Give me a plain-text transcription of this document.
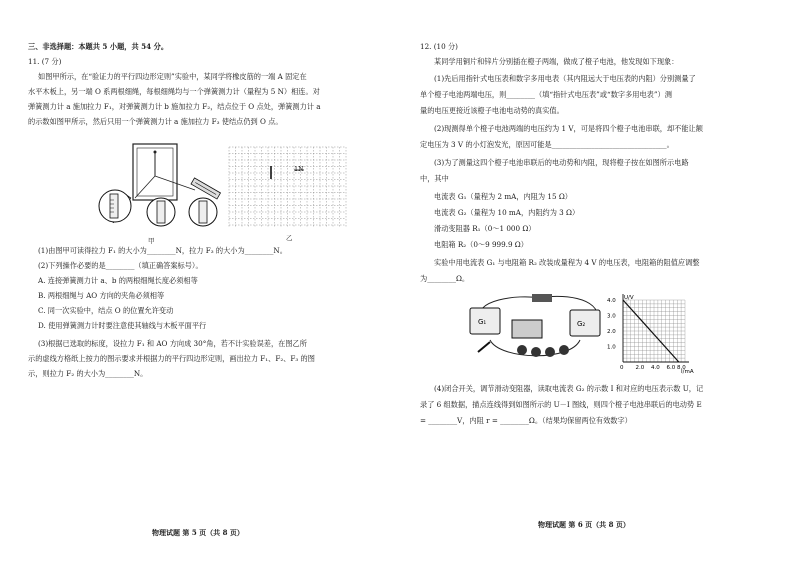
三、非选择题：本题共 5 小题，共 54 分。
11. (7 分)
如图甲所示，在“验证力的平行四边形定则”实验中，某同学将橡皮筋的一端 A 固定在
水平木板上，另一端 O 系两根细绳，每根细绳均与一个弹簧测力计（量程为 5 N）相连。对
弹簧测力计 a 施加拉力 F₁，对弹簧测力计 b 施加拉力 F₂，结点位于 O 点处，弹簧测力计 a
的示数如图甲所示，然后只用一个弹簧测力计 a 施加拉力 F₃ 使结点仍到 O 点。
甲
1N
乙
(1)由图甲可读得拉力 F₁ 的大小为________N，拉力 F₃ 的大小为________N。
(2)下列操作必要的是________（填正确答案标号）。
A. 连接弹簧测力计 a、b 的两根细绳长度必须相等
B. 两根细绳与 AO 方向的夹角必须相等
C. 同一次实验中，结点 O 的位置允许变动
D. 使用弹簧测力计时要注意使其轴线与木板平面平行
(3)根据已选取的标度，设拉力 F₁ 和 AO 方向成 30°角，若不计实验误差，在图乙所
示的虚线方格纸上按力的图示要求并根据力的平行四边形定则，画出拉力 F₁、F₂、F₃ 的图
示，则拉力 F₂ 的大小为________N。
物理试题 第 5 页（共 8 页）
12. (10 分)
某同学用铜片和锌片分别插在橙子两端，做成了橙子电池，他发现如下现象：
(1)先后用指针式电压表和数字多用电表（其内阻远大于电压表的内阻）分别测量了
单个橙子电池两端电压，则________（填“指针式电压表”或“数字多用电表”）测
量的电压更接近该橙子电池电动势的真实值。
(2)现测得单个橙子电池两端的电压约为 1 V，可是将四个橙子电池串联，却不能让额
定电压为 3 V 的小灯泡发光，原因可能是________________________________。
(3)为了测量这四个橙子电池串联后的电动势和内阻，现将橙子按在如图所示电路
中，其中
电流表 G₁（量程为 2 mA，内阻为 15 Ω）
电流表 G₂（量程为 10 mA，内阻约为 3 Ω）
滑动变阻器 R₁（0～1 000 Ω）
电阻箱 R₂（0～9 999.9 Ω）
实验中用电流表 G₁ 与电阻箱 R₂ 改装成量程为 4 V 的电压表，电阻箱的阻值应调整
为________Ω。
G₁	G₂
U/V
I/mA
4.0
3.0
2.0
1.0
0 2.0 4.0 6.0 8.0
(4)闭合开关，调节滑动变阻器，读取电流表 G₂ 的示数 I 和对应的电压表示数 U，记
录了 6 组数据，描点连线得到如图所示的 U－I 图线，则四个橙子电池串联后的电动势 E
= ________V，内阻 r = ________Ω。（结果均保留两位有效数字）
物理试题 第 6 页（共 8 页）
